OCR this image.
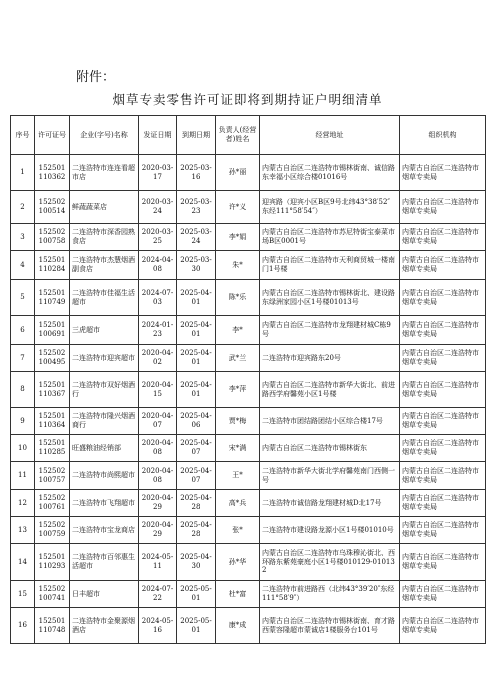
附件：
烟草专卖零售许可证即将到期持证户明细清单
序号	许可证号	企业(字号)名称	发证日期	到期日期	负责人(经营者)姓名	经营地址	组织机构
1	152501110362	二连浩特市连连看超市店	2020-03-17	2025-03-16	孙*丽	内蒙古自治区二连浩特市锡林街南、诚信路东幸福小区综合楼01016号	内蒙古自治区二连浩特市烟草专卖局
2	152502100514	鲜蔬蔬菜店	2020-03-24	2025-03-23	许*义	迎宾路（迎宾小区B区9号北纬43°38′52″ 东经111°58′54″）	内蒙古自治区二连浩特市烟草专卖局
3	152502100758	二连浩特市深香园熟食店	2020-03-25	2025-03-24	李*娟	内蒙古自治区二连浩特市苏尼特街宝泰菜市场B区0001号	内蒙古自治区二连浩特市烟草专卖局
4	152501110284	二连浩特市杰慧烟酒副食店	2024-04-08	2025-03-30	朱*	内蒙古自治区二连浩特市天利商贸城一楼南门1号楼	内蒙古自治区二连浩特市烟草专卖局
5	152501110749	二连浩特市佳福生活超市	2024-07-03	2025-04-01	陈*乐	内蒙古自治区二连浩特市锡林街北、建设路东绿洲家园小区1号楼01013号	内蒙古自治区二连浩特市烟草专卖局
6	152501100691	三虎超市	2024-01-23	2025-04-01	李*	内蒙古自治区二连浩特市龙翔建材城C栋9号	内蒙古自治区二连浩特市烟草专卖局
7	152502100495	二连浩特市迎宾超市	2020-04-02	2025-04-01	武*兰	二连浩特市迎宾路东20号	内蒙古自治区二连浩特市烟草专卖局
8	152501110367	二连浩特市双好烟酒行	2020-04-15	2025-04-01	李*萍	内蒙古自治区二连浩特市新华大街北、前进路西学府馨苑小区1号楼	内蒙古自治区二连浩特市烟草专卖局
9	152501110364	二连浩特市隆兴烟酒商行	2020-04-07	2025-04-06	贾*梅	二连浩特市团结路团结小区综合楼17号	内蒙古自治区二连浩特市烟草专卖局
10	152501110285	旺盛粮油经销部	2020-04-08	2025-04-07	宋*满	内蒙古自治区二连浩特市锡林街东	内蒙古自治区二连浩特市烟草专卖局
11	152502100757	二连浩特市尚熙超市	2020-04-08	2025-04-07	王*	二连浩特市新华大街北学府馨苑南门西侧一号	内蒙古自治区二连浩特市烟草专卖局
12	152502100761	二连浩特市飞翔超市	2020-04-29	2025-04-28	高*兵	二连浩特市诚信路龙翔建材城D北17号	内蒙古自治区二连浩特市烟草专卖局
13	152502100759	二连浩特市宝龙商店	2020-04-29	2025-04-28	张*	二连浩特市建设路龙源小区1号楼01010号	内蒙古自治区二连浩特市烟草专卖局
14	152501110293	二连浩特市百邻惠生活超市	2024-05-11	2025-04-30	孙*华	内蒙古自治区二连浩特市乌珠穆沁街北、西环路东紫苑豪庭小区1号楼010129-010132	内蒙古自治区二连浩特市烟草专卖局
15	152502100741	日丰超市	2024-07-22	2025-05-01	杜*富	二连浩特市前进路西（北纬43°39′20″东经111°58′9″）	内蒙古自治区二连浩特市烟草专卖局
16	152501110748	二连浩特市金聚源烟酒店	2024-05-16	2025-05-01	康*成	内蒙古自治区二连浩特市锡林街南、育才路西蒙容隆超市蒙诚店1楼服务台101号	内蒙古自治区二连浩特市烟草专卖局
